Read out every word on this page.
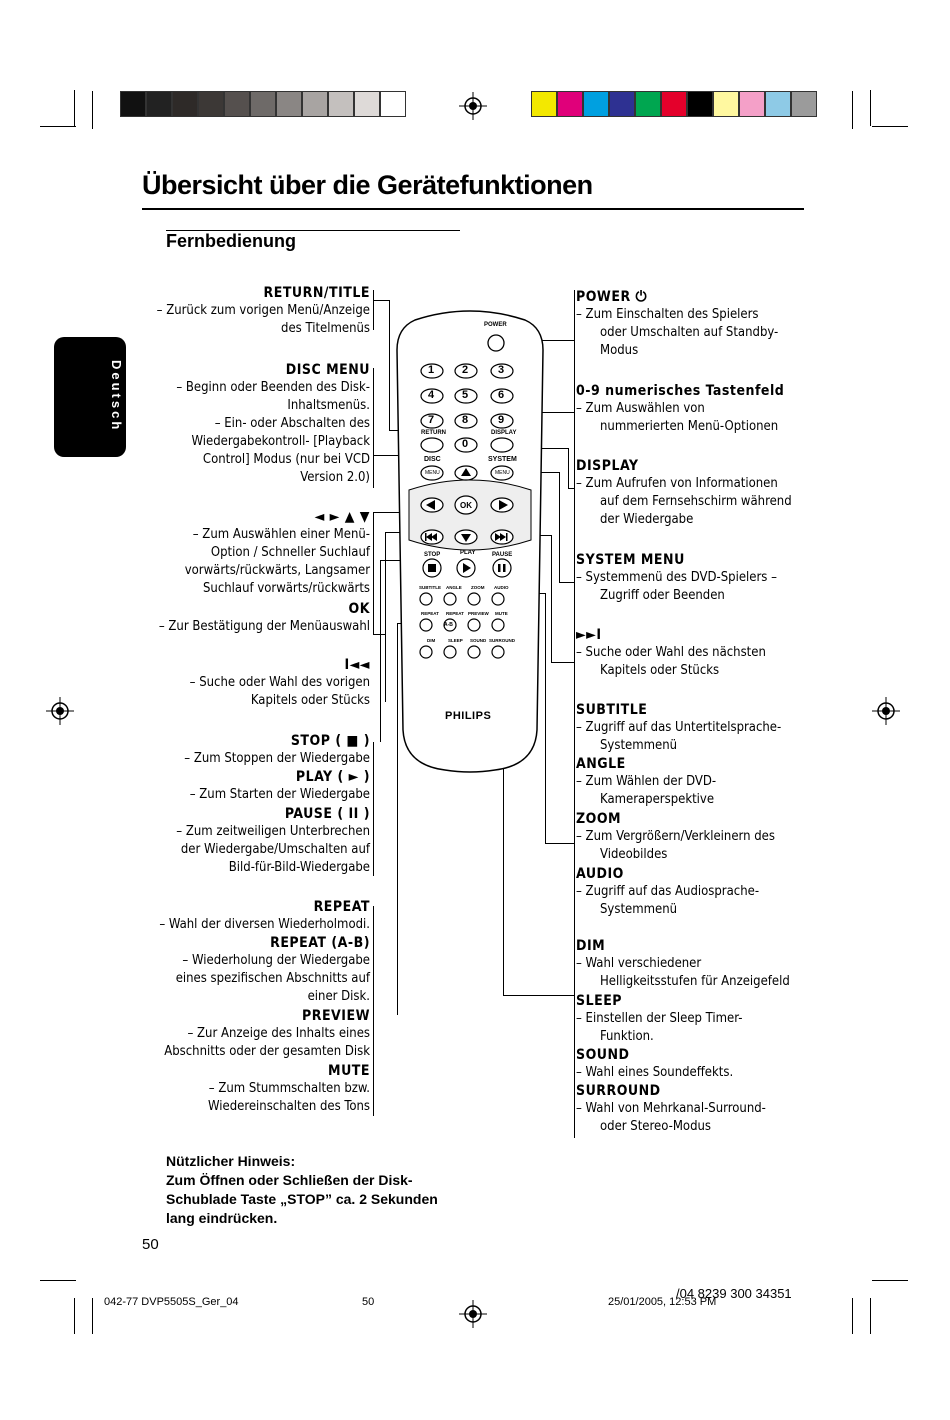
Übersicht über die Gerätefunktionen
Fernbedienung
Deutsch
RETURN/TITLE
– Zurück zum vorigen Menü/Anzeige
des Titelmenüs
DISC MENU
– Beginn oder Beenden des Disk-
Inhaltsmenüs.
– Ein- oder Abschalten des
Wiedergabekontroll- [Playback
Control] Modus (nur bei VCD
Version 2.0)
◄ ► ▲ ▼
– Zum Auswählen einer Menü-
Option / Schneller Suchlauf
vorwärts/rückwärts, Langsamer
Suchlauf vorwärts/rückwärts
OK
– Zur Bestätigung der Menüauswahl
I◄◄
– Suche oder Wahl des vorigen
Kapitels oder Stücks
STOP ( ■ )
– Zum Stoppen der Wiedergabe
PLAY ( ► )
– Zum Starten der Wiedergabe
PAUSE ( II )
– Zum zeitweiligen Unterbrechen
der Wiedergabe/Umschalten auf
Bild-für-Bild-Wiedergabe
REPEAT
– Wahl der diversen Wiederholmodi.
REPEAT (A-B)
– Wiederholung der Wiedergabe
eines spezifischen Abschnitts auf
einer Disk.
PREVIEW
– Zur Anzeige des Inhalts eines
Abschnitts oder der gesamten Disk
MUTE
– Zum Stummschalten bzw.
Wiedereinschalten des Tons
POWER ⏻
– Zum Einschalten des Spielers
oder Umschalten auf Standby-
Modus
0-9 numerisches Tastenfeld
– Zum Auswählen von
nummerierten Menü-Optionen
DISPLAY
– Zum Aufrufen von Informationen
auf dem Fernsehschirm während
der Wiedergabe
SYSTEM MENU
– Systemmenü des DVD-Spielers –
Zugriff oder Beenden
►►I
– Suche oder Wahl des nächsten
Kapitels oder Stücks
SUBTITLE
– Zugriff auf das Untertitelsprache-
Systemmenü
ANGLE
– Zum Wählen der DVD-
Kameraperspektive
ZOOM
– Zum Vergrößern/Verkleinern des
Videobildes
AUDIO
– Zugriff auf das Audiosprache-
Systemmenü
DIM
– Wahl verschiedener
Helligkeitsstufen für Anzeigefeld
SLEEP
– Einstellen der Sleep Timer-
Funktion.
SOUND
– Wahl eines Soundeffekts.
SURROUND
– Wahl von Mehrkanal-Surround-
oder Stereo-Modus
POWER
1	2	3
4	5	6
7	8	9
0
RETURN	DISPLAY
DISC	SYSTEM
MENU	MENU
OK
STOP	PLAY	PAUSE
SUBTITLE ANGLE ZOOM AUDIO
REPEAT REPEAT PREVIEW MUTE
A-B
DIM	SLEEP SOUND SURROUND
PHILIPS
Nützlicher Hinweis:
Zum Öffnen oder Schließen der Disk-Schublade Taste „STOP” ca. 2 Sekunden lang eindrücken.
50
042-77 DVP5505S_Ger_04	50	25/01/2005, 12:53 PM
/04 8239 300 34351
